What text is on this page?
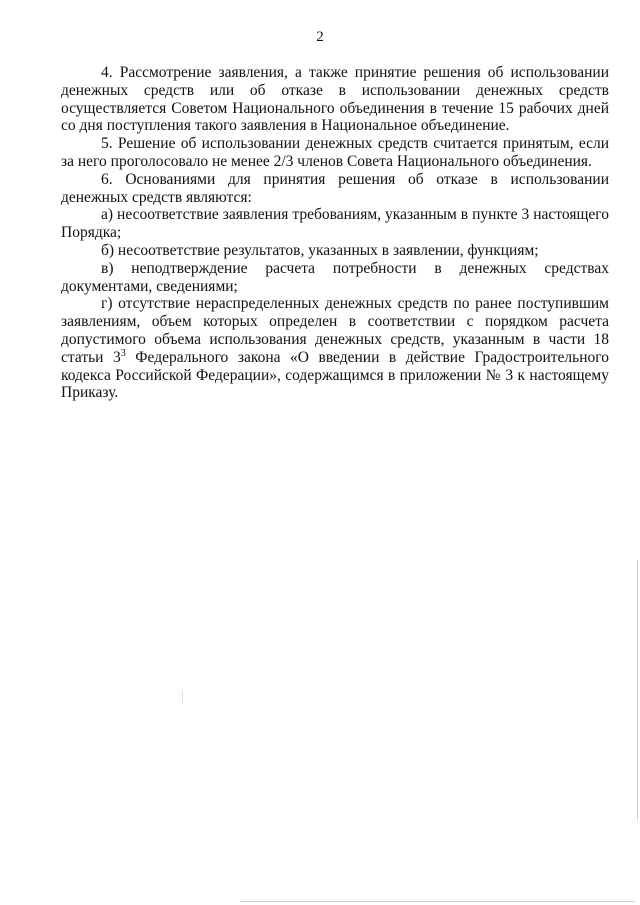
2

4. Рассмотрение заявления, а также принятие решения об использовании денежных средств или об отказе в использовании денежных средств осуществляется Советом Национального объединения в течение 15 рабочих дней со дня поступления такого заявления в Национальное объединение.

5. Решение об использовании денежных средств считается принятым, если за него проголосовало не менее 2/3 членов Совета Национального объединения.

6. Основаниями для принятия решения об отказе в использовании денежных средств являются:

а) несоответствие заявления требованиям, указанным в пункте 3 настоящего Порядка;

б) несоответствие результатов, указанных в заявлении, функциям;

в) неподтверждение расчета потребности в денежных средствах документами, сведениями;

г) отсутствие нераспределенных денежных средств по ранее поступившим заявлениям, объем которых определен в соответствии с порядком расчета допустимого объема использования денежных средств, указанным в части 18 статьи $3^3$ Федерального закона «О введении в действие Градостроительного кодекса Российской Федерации», содержащимся в приложении № 3 к настоящему Приказу.
